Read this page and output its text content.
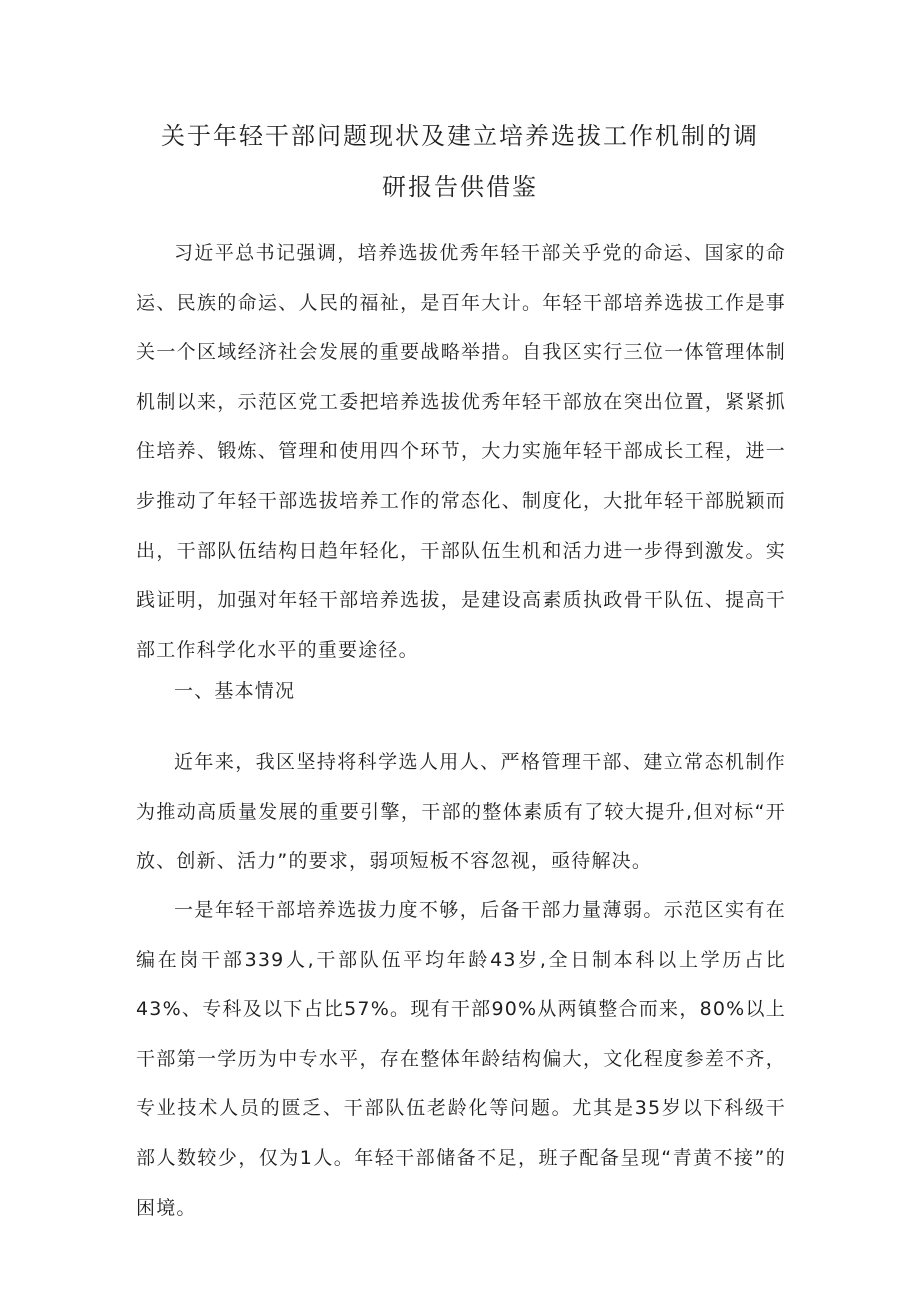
关于年轻干部问题现状及建立培养选拔工作机制的调
研报告供借鉴

习近平总书记强调，培养选拔优秀年轻干部关乎党的命运、国家的命运、民族的命运、人民的福祉，是百年大计。年轻干部培养选拔工作是事关一个区域经济社会发展的重要战略举措。自我区实行三位一体管理体制机制以来，示范区党工委把培养选拔优秀年轻干部放在突出位置，紧紧抓住培养、锻炼、管理和使用四个环节，大力实施年轻干部成长工程，进一步推动了年轻干部选拔培养工作的常态化、制度化，大批年轻干部脱颖而出，干部队伍结构日趋年轻化，干部队伍生机和活力进一步得到激发。实践证明，加强对年轻干部培养选拔，是建设高素质执政骨干队伍、提高干部工作科学化水平的重要途径。

一、基本情况

近年来，我区坚持将科学选人用人、严格管理干部、建立常态机制作为推动高质量发展的重要引擎，干部的整体素质有了较大提升,但对标“开放、创新、活力”的要求，弱项短板不容忽视，亟待解决。

一是年轻干部培养选拔力度不够，后备干部力量薄弱。示范区实有在编在岗干部339人,干部队伍平均年龄43岁,全日制本科以上学历占比43%、专科及以下占比57%。现有干部90%从两镇整合而来，80%以上干部第一学历为中专水平，存在整体年龄结构偏大，文化程度参差不齐，专业技术人员的匮乏、干部队伍老龄化等问题。尤其是35岁以下科级干部人数较少，仅为1人。年轻干部储备不足，班子配备呈现“青黄不接”的困境。
